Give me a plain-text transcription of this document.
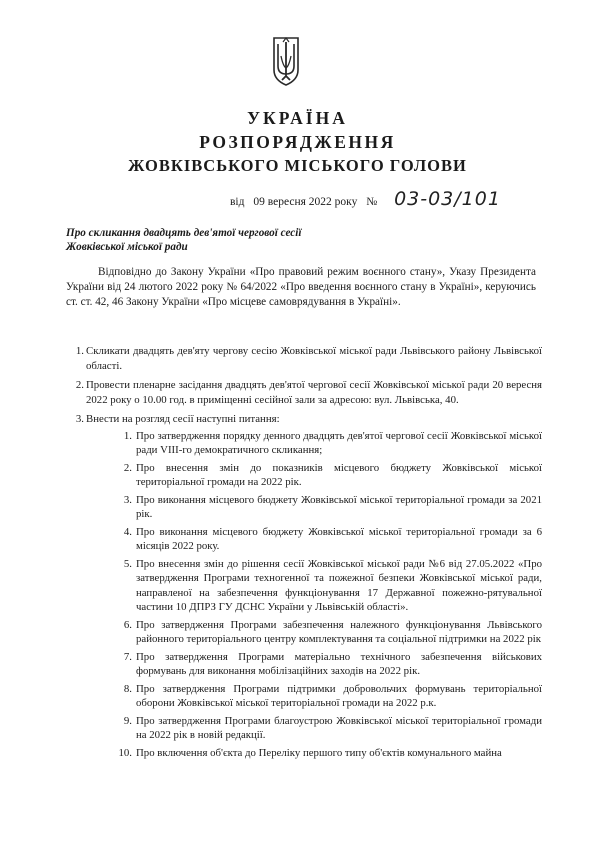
УКРАЇНА
РОЗПОРЯДЖЕННЯ
ЖОВКІВСЬКОГО МІСЬКОГО ГОЛОВИ
від 09 вересня 2022 року № 03-03/101
Про скликання двадцять дев'ятої чергової сесії Жовківської міської ради
Відповідно до Закону України «Про правовий режим воєнного стану», Указу Президента України від 24 лютого 2022 року № 64/2022 «Про введення воєнного стану в Україні», керуючись ст. ст. 42, 46 Закону України «Про місцеве самоврядування в Україні».
1. Скликати двадцять дев'яту чергову сесію Жовківської міської ради Львівського району Львівської області.
2. Провести пленарне засідання двадцять дев'ятої чергової сесії Жовківської міської ради 20 вересня 2022 року о 10.00 год. в приміщенні сесійної зали за адресою: вул. Львівська, 40.
3. Внести на розгляд сесії наступні питання:
1. Про затвердження порядку денного двадцять дев'ятої чергової сесії Жовківської міської ради VIII-го демократичного скликання;
2. Про внесення змін до показників місцевого бюджету Жовківської міської територіальної громади на 2022 рік.
3. Про виконання місцевого бюджету Жовківської міської територіальної громади за 2021 рік.
4. Про виконання місцевого бюджету Жовківської міської територіальної громади за 6 місяців 2022 року.
5. Про внесення змін до рішення сесії Жовківської міської ради №6 від 27.05.2022 «Про затвердження Програми техногенної та пожежної безпеки Жовківської міської ради, направленої на забезпечення функціонування 17 Державної пожежно-рятувальної частини 10 ДПРЗ ГУ ДСНС України у Львівській області».
6. Про затвердження Програми забезпечення належного функціонування Львівського районного територіального центру комплектування та соціальної підтримки на 2022 рік
7. Про затвердження Програми матеріально технічного забезпечення військових формувань для виконання мобілізаційних заходів на 2022 рік.
8. Про затвердження Програми підтримки добровольчих формувань територіальної оборони Жовківської міської територіальної громади на 2022 р.к.
9. Про затвердження Програми благоустрою Жовківської міської територіальної громади на 2022 рік в новій редакції.
10. Про включення об'єкта до Переліку першого типу об'єктів комунального майна
